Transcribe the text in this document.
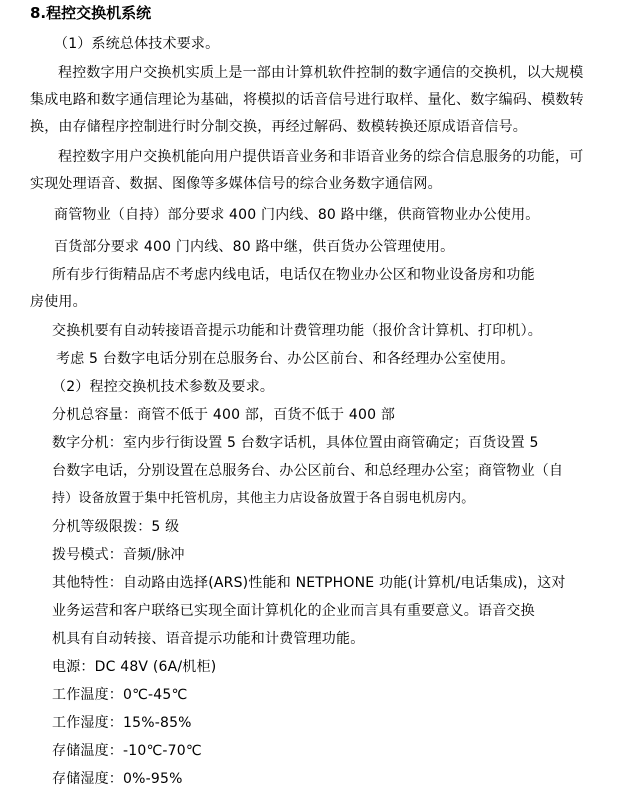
8.程控交换机系统
（1）系统总体技术要求。
程控数字用户交换机实质上是一部由计算机软件控制的数字通信的交换机，以大规模
集成电路和数字通信理论为基础，将模拟的话音信号进行取样、量化、数字编码、模数转
换，由存储程序控制进行时分制交换，再经过解码、数模转换还原成语音信号。
程控数字用户交换机能向用户提供语音业务和非语音业务的综合信息服务的功能，可
实现处理语音、数据、图像等多媒体信号的综合业务数字通信网。
商管物业（自持）部分要求 400 门内线、80 路中继，供商管物业办公使用。
百货部分要求 400 门内线、80 路中继，供百货办公管理使用。
所有步行街精品店不考虑内线电话，电话仅在物业办公区和物业设备房和功能
房使用。
交换机要有自动转接语音提示功能和计费管理功能（报价含计算机、打印机）。
考虑 5 台数字电话分别在总服务台、办公区前台、和各经理办公室使用。
（2）程控交换机技术参数及要求。
分机总容量：商管不低于 400 部，百货不低于 400 部
数字分机：室内步行街设置 5 台数字话机，具体位置由商管确定；百货设置 5
台数字电话，分别设置在总服务台、办公区前台、和总经理办公室；商管物业（自
持）设备放置于集中托管机房，其他主力店设备放置于各自弱电机房内。
分机等级限拨：5 级
拨号模式：音频/脉冲
其他特性：自动路由选择(ARS)性能和 NETPHONE 功能(计算机/电话集成)，这对
业务运营和客户联络已实现全面计算机化的企业而言具有重要意义。语音交换
机具有自动转接、语音提示功能和计费管理功能。
电源：DC 48V (6A/机柜)
工作温度：0℃-45℃
工作湿度：15%-85%
存储温度：-10℃-70℃
存储湿度：0%-95%
